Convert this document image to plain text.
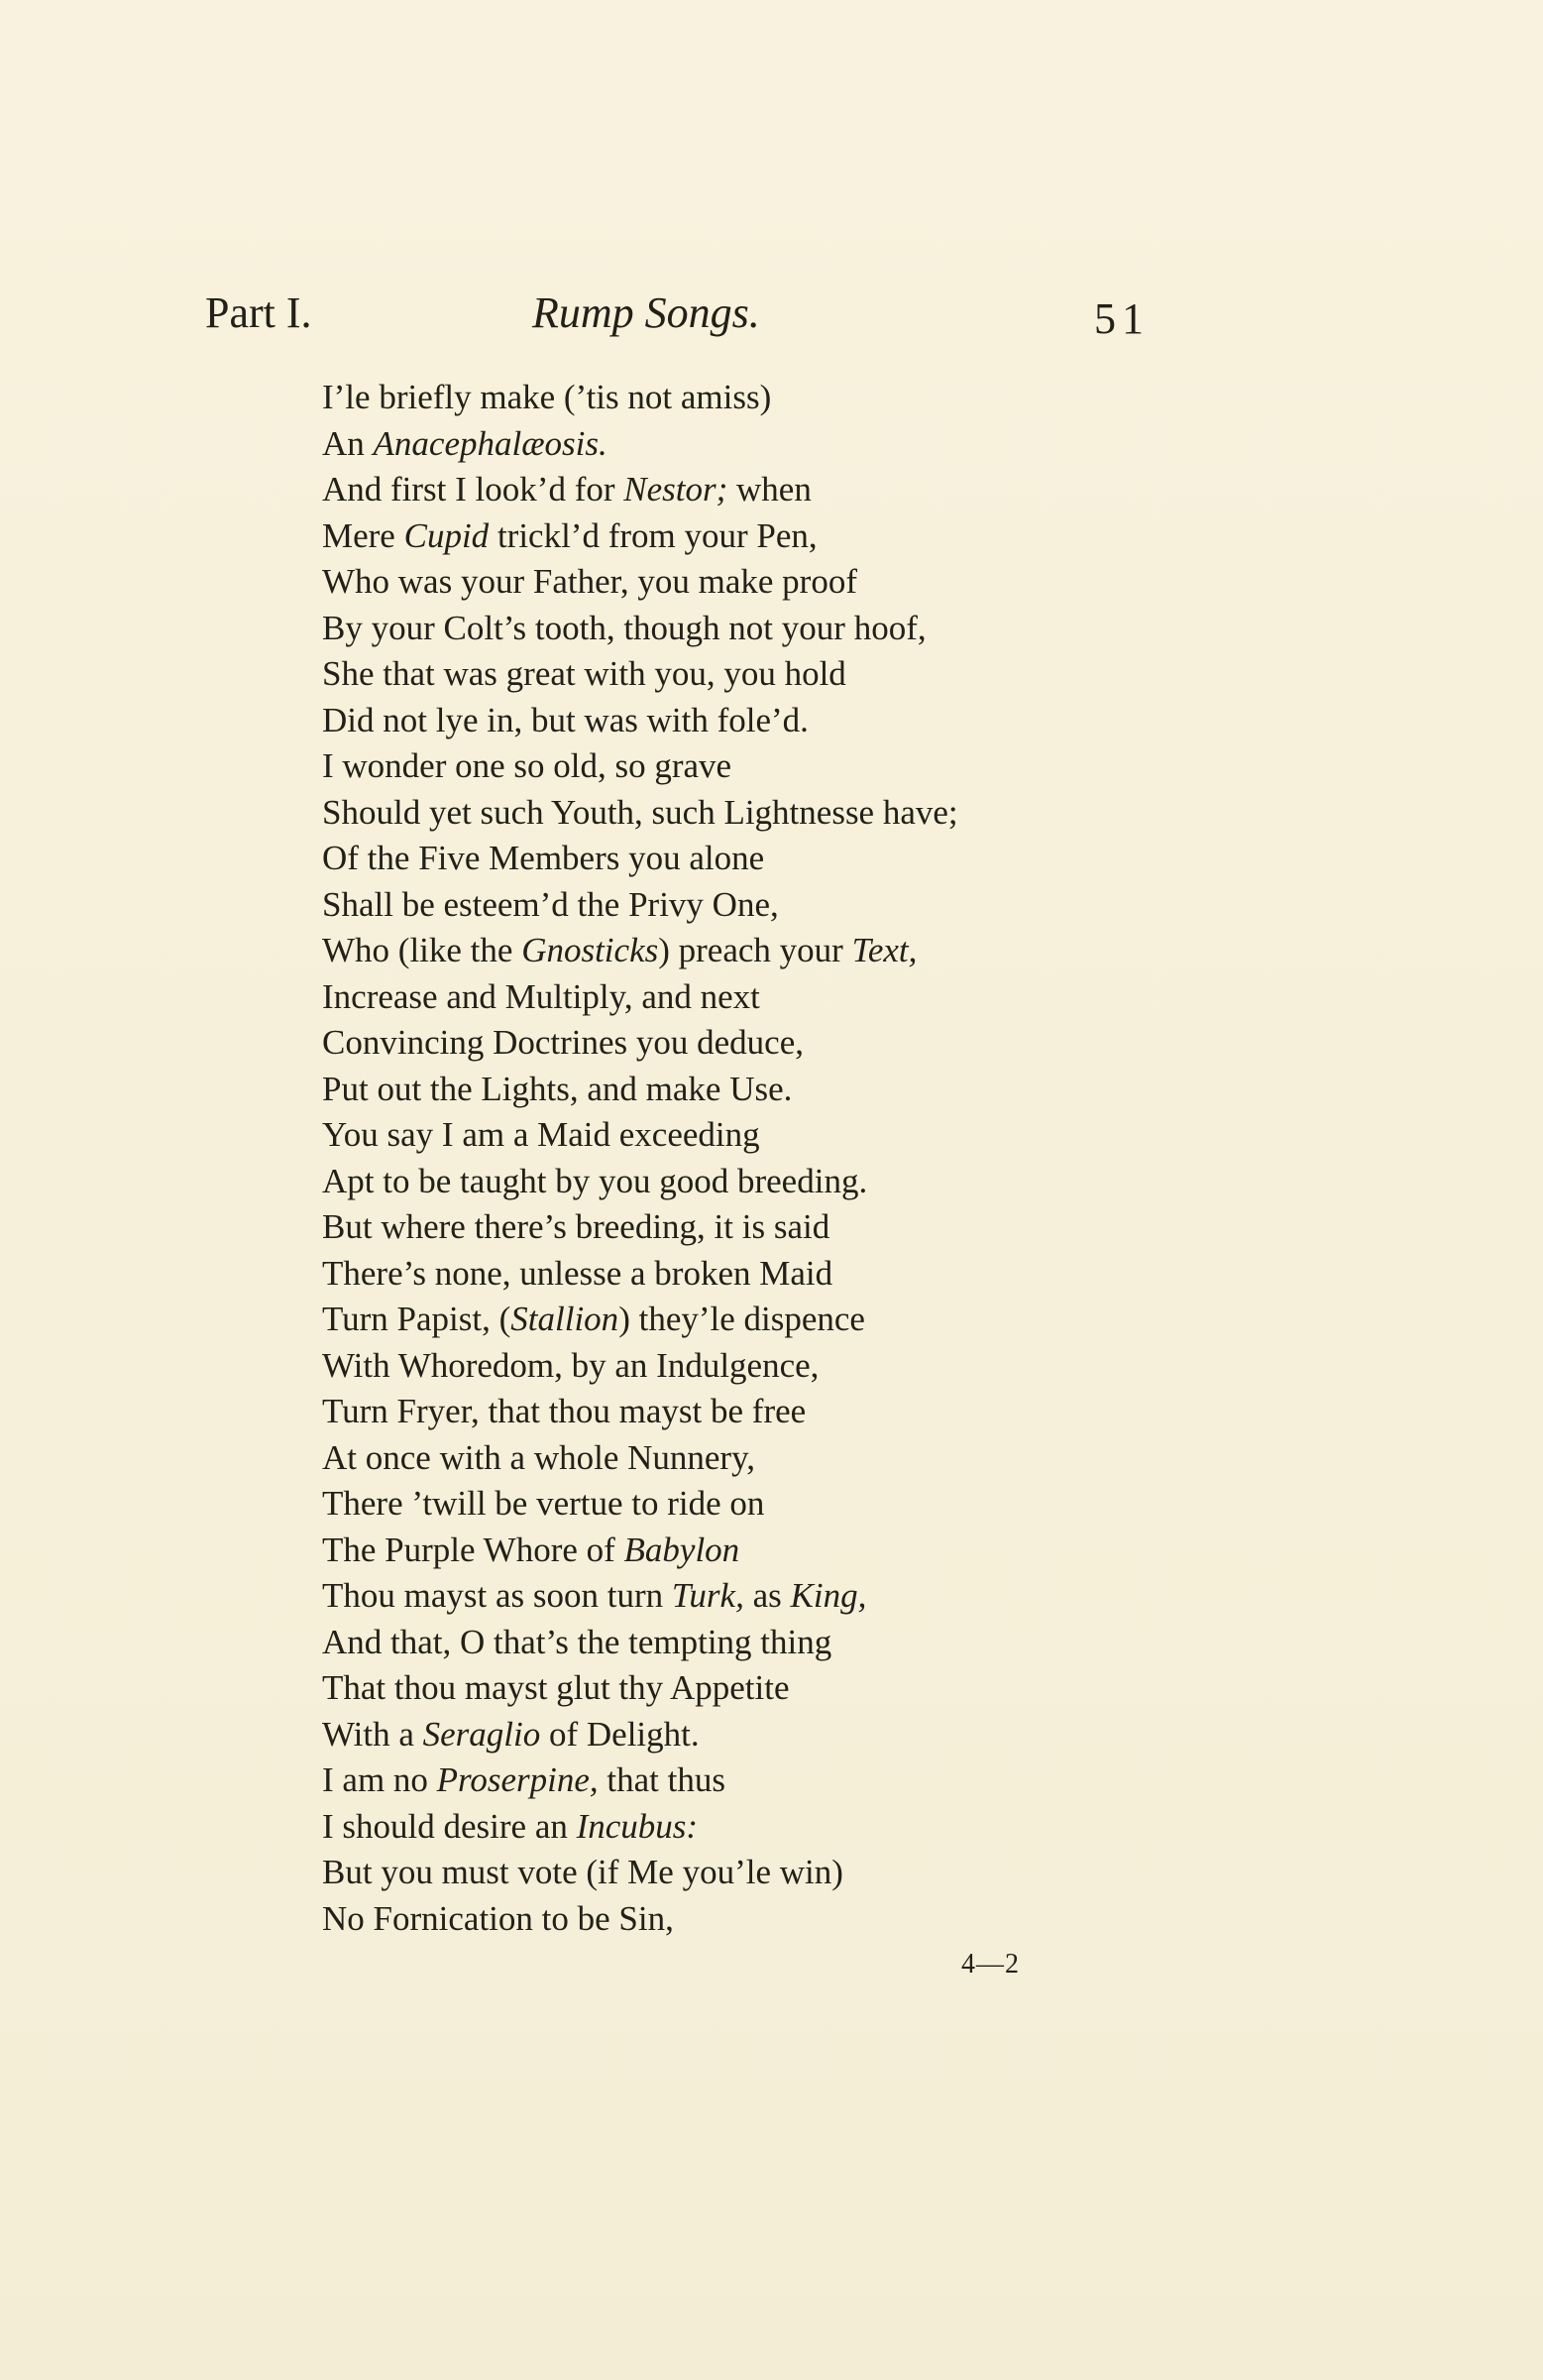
Part I.	Rump Songs.	51
I’le briefly make (’tis not amiss)
An Anacephalæosis.
And first I look’d for Nestor; when
Mere Cupid trickl’d from your Pen,
Who was your Father, you make proof
By your Colt’s tooth, though not your hoof,
She that was great with you, you hold
Did not lye in, but was with fole’d.
I wonder one so old, so grave
Should yet such Youth, such Lightnesse have;
Of the Five Members you alone
Shall be esteem’d the Privy One,
Who (like the Gnosticks) preach your Text,
Increase and Multiply, and next
Convincing Doctrines you deduce,
Put out the Lights, and make Use.
You say I am a Maid exceeding
Apt to be taught by you good breeding.
But where there’s breeding, it is said
There’s none, unlesse a broken Maid
Turn Papist, (Stallion) they’le dispence
With Whoredom, by an Indulgence,
Turn Fryer, that thou mayst be free
At once with a whole Nunnery,
There ’twill be vertue to ride on
The Purple Whore of Babylon
Thou mayst as soon turn Turk, as King,
And that, O that’s the tempting thing
That thou mayst glut thy Appetite
With a Seraglio of Delight.
I am no Proserpine, that thus
I should desire an Incubus:
But you must vote (if Me you’le win)
No Fornication to be Sin,
4—2
